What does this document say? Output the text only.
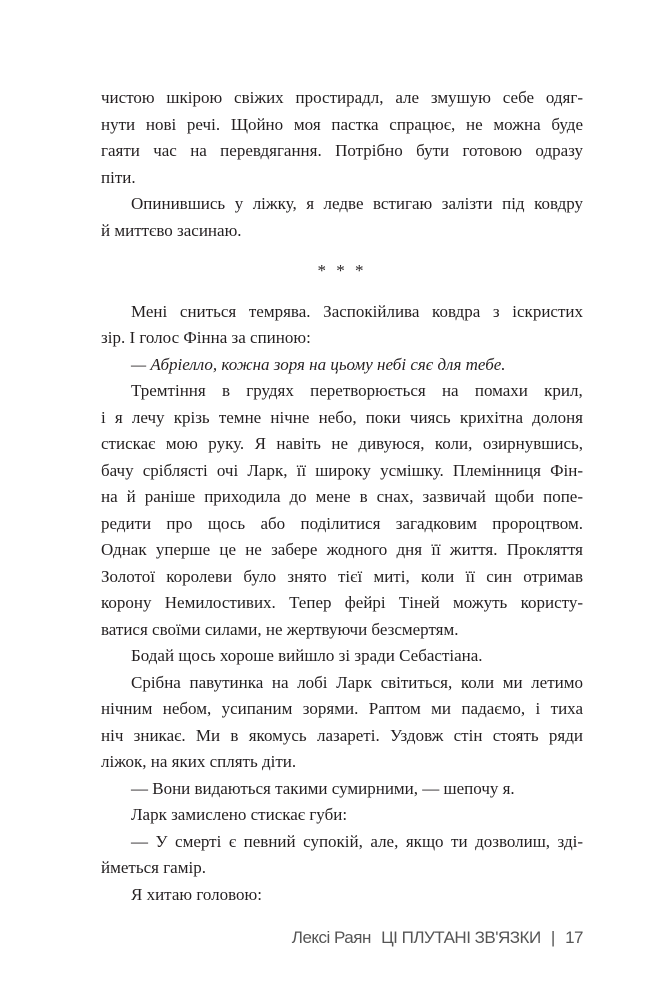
чистою шкірою свіжих простирадл, але змушую себе одяг-
нути нові речі. Щойно моя пастка спрацює, не можна буде
гаяти час на перевдягання. Потрібно бути готовою одразу
піти.
Опинившись у ліжку, я ледве встигаю залізти під ковдру
й миттєво засинаю.
* * *
Мені сниться темрява. Заспокійлива ковдра з іскристих
зір. І голос Фінна за спиною:
— Абріелло, кожна зоря на цьому небі сяє для тебе.
Тремтіння в грудях перетворюється на помахи крил,
і я лечу крізь темне нічне небо, поки чиясь крихітна долоня
стискає мою руку. Я навіть не дивуюся, коли, озирнувшись,
бачу сріблясті очі Ларк, її широку усмішку. Племінниця Фін-
на й раніше приходила до мене в снах, зазвичай щоби попе-
редити про щось або поділитися загадковим пророцтвом.
Однак уперше це не забере жодного дня її життя. Прокляття
Золотої королеви було знято тієї миті, коли її син отримав
корону Немилостивих. Тепер фейрі Тіней можуть користу-
ватися своїми силами, не жертвуючи безсмертям.
Бодай щось хороше вийшло зі зради Себастіана.
Срібна павутинка на лобі Ларк світиться, коли ми летимо
нічним небом, усипаним зорями. Раптом ми падаємо, і тиха
ніч зникає. Ми в якомусь лазареті. Уздовж стін стоять ряди
ліжок, на яких сплять діти.
— Вони видаються такими сумирними, — шепочу я.
Ларк замислено стискає губи:
— У смерті є певний супокій, але, якщо ти дозволиш, зді-
йметься гамір.
Я хитаю головою:
Лексі Раян ЦІ ПЛУТАНІ ЗВ'ЯЗКИ | 17
